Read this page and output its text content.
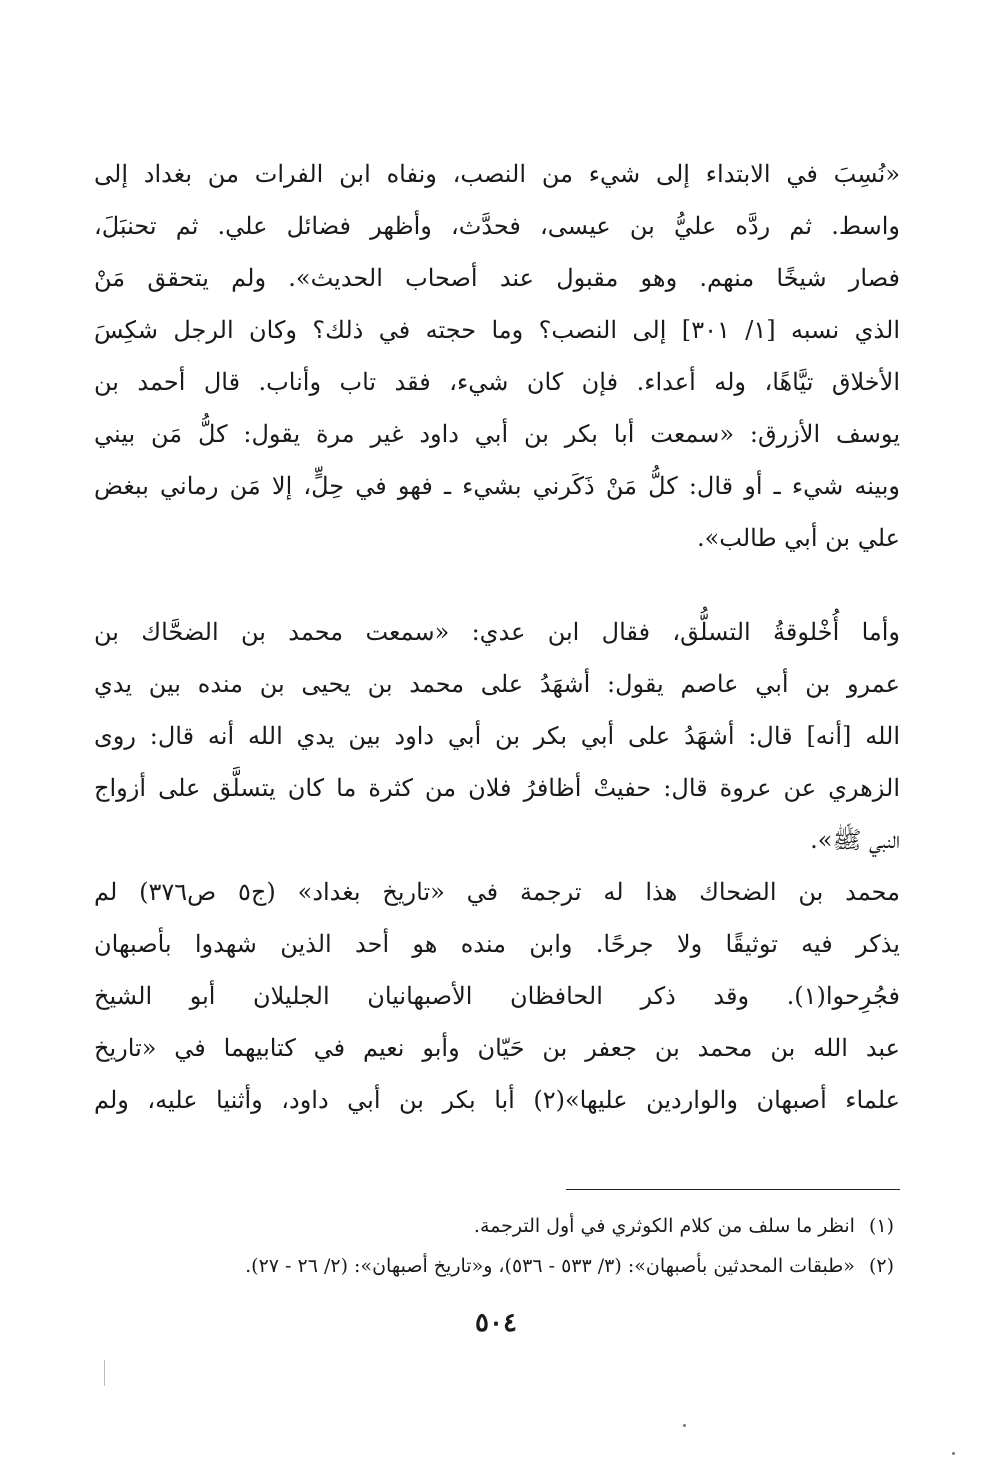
«نُسِبَ في الابتداء إلى شيء من النصب، ونفاه ابن الفرات من بغداد إلى
واسط. ثم ردَّه عليُّ بن عيسى، فحدَّث، وأظهر فضائل علي. ثم تحنبَلَ،
فصار شيخًا منهم. وهو مقبول عند أصحاب الحديث». ولم يتحقق مَنْ
الذي نسبه [١/ ٣٠١] إلى النصب؟ وما حجته في ذلك؟ وكان الرجل شكِسَ
الأخلاق تيَّاهًا، وله أعداء. فإن كان شيء، فقد تاب وأناب. قال أحمد بن
يوسف الأزرق: «سمعت أبا بكر بن أبي داود غير مرة يقول: كلُّ مَن بيني
وبينه شيء ـ أو قال: كلُّ مَنْ ذَكَرني بشيء ـ فهو في حِلٍّ، إلا مَن رماني ببغض
علي بن أبي طالب».
وأما أُخْلوقةُ التسلُّق، فقال ابن عدي: «سمعت محمد بن الضحَّاك بن
عمرو بن أبي عاصم يقول: أشهَدُ على محمد بن يحيى بن منده بين يدي
الله [أنه] قال: أشهَدُ على أبي بكر بن أبي داود بين يدي الله أنه قال: روى
الزهري عن عروة قال: حفيتْ أظافرُ فلان من كثرة ما كان يتسلَّق على أزواج
النبي ﷺ».
محمد بن الضحاك هذا له ترجمة في «تاريخ بغداد» (ج٥ ص٣٧٦) لم
يذكر فيه توثيقًا ولا جرحًا. وابن منده هو أحد الذين شهدوا بأصبهان
فجُرِحوا(١). وقد ذكر الحافظان الأصبهانيان الجليلان أبو الشيخ
عبد الله بن محمد بن جعفر بن حَيّان وأبو نعيم في كتابيهما في «تاريخ
علماء أصبهان والواردين عليها»(٢) أبا بكر بن أبي داود، وأثنيا عليه، ولم
(١)انظر ما سلف من كلام الكوثري في أول الترجمة.
(٢)«طبقات المحدثين بأصبهان»: (٣/ ٥٣٣ - ٥٣٦)، و«تاريخ أصبهان»: (٢/ ٢٦ - ٢٧).
٥٠٤
